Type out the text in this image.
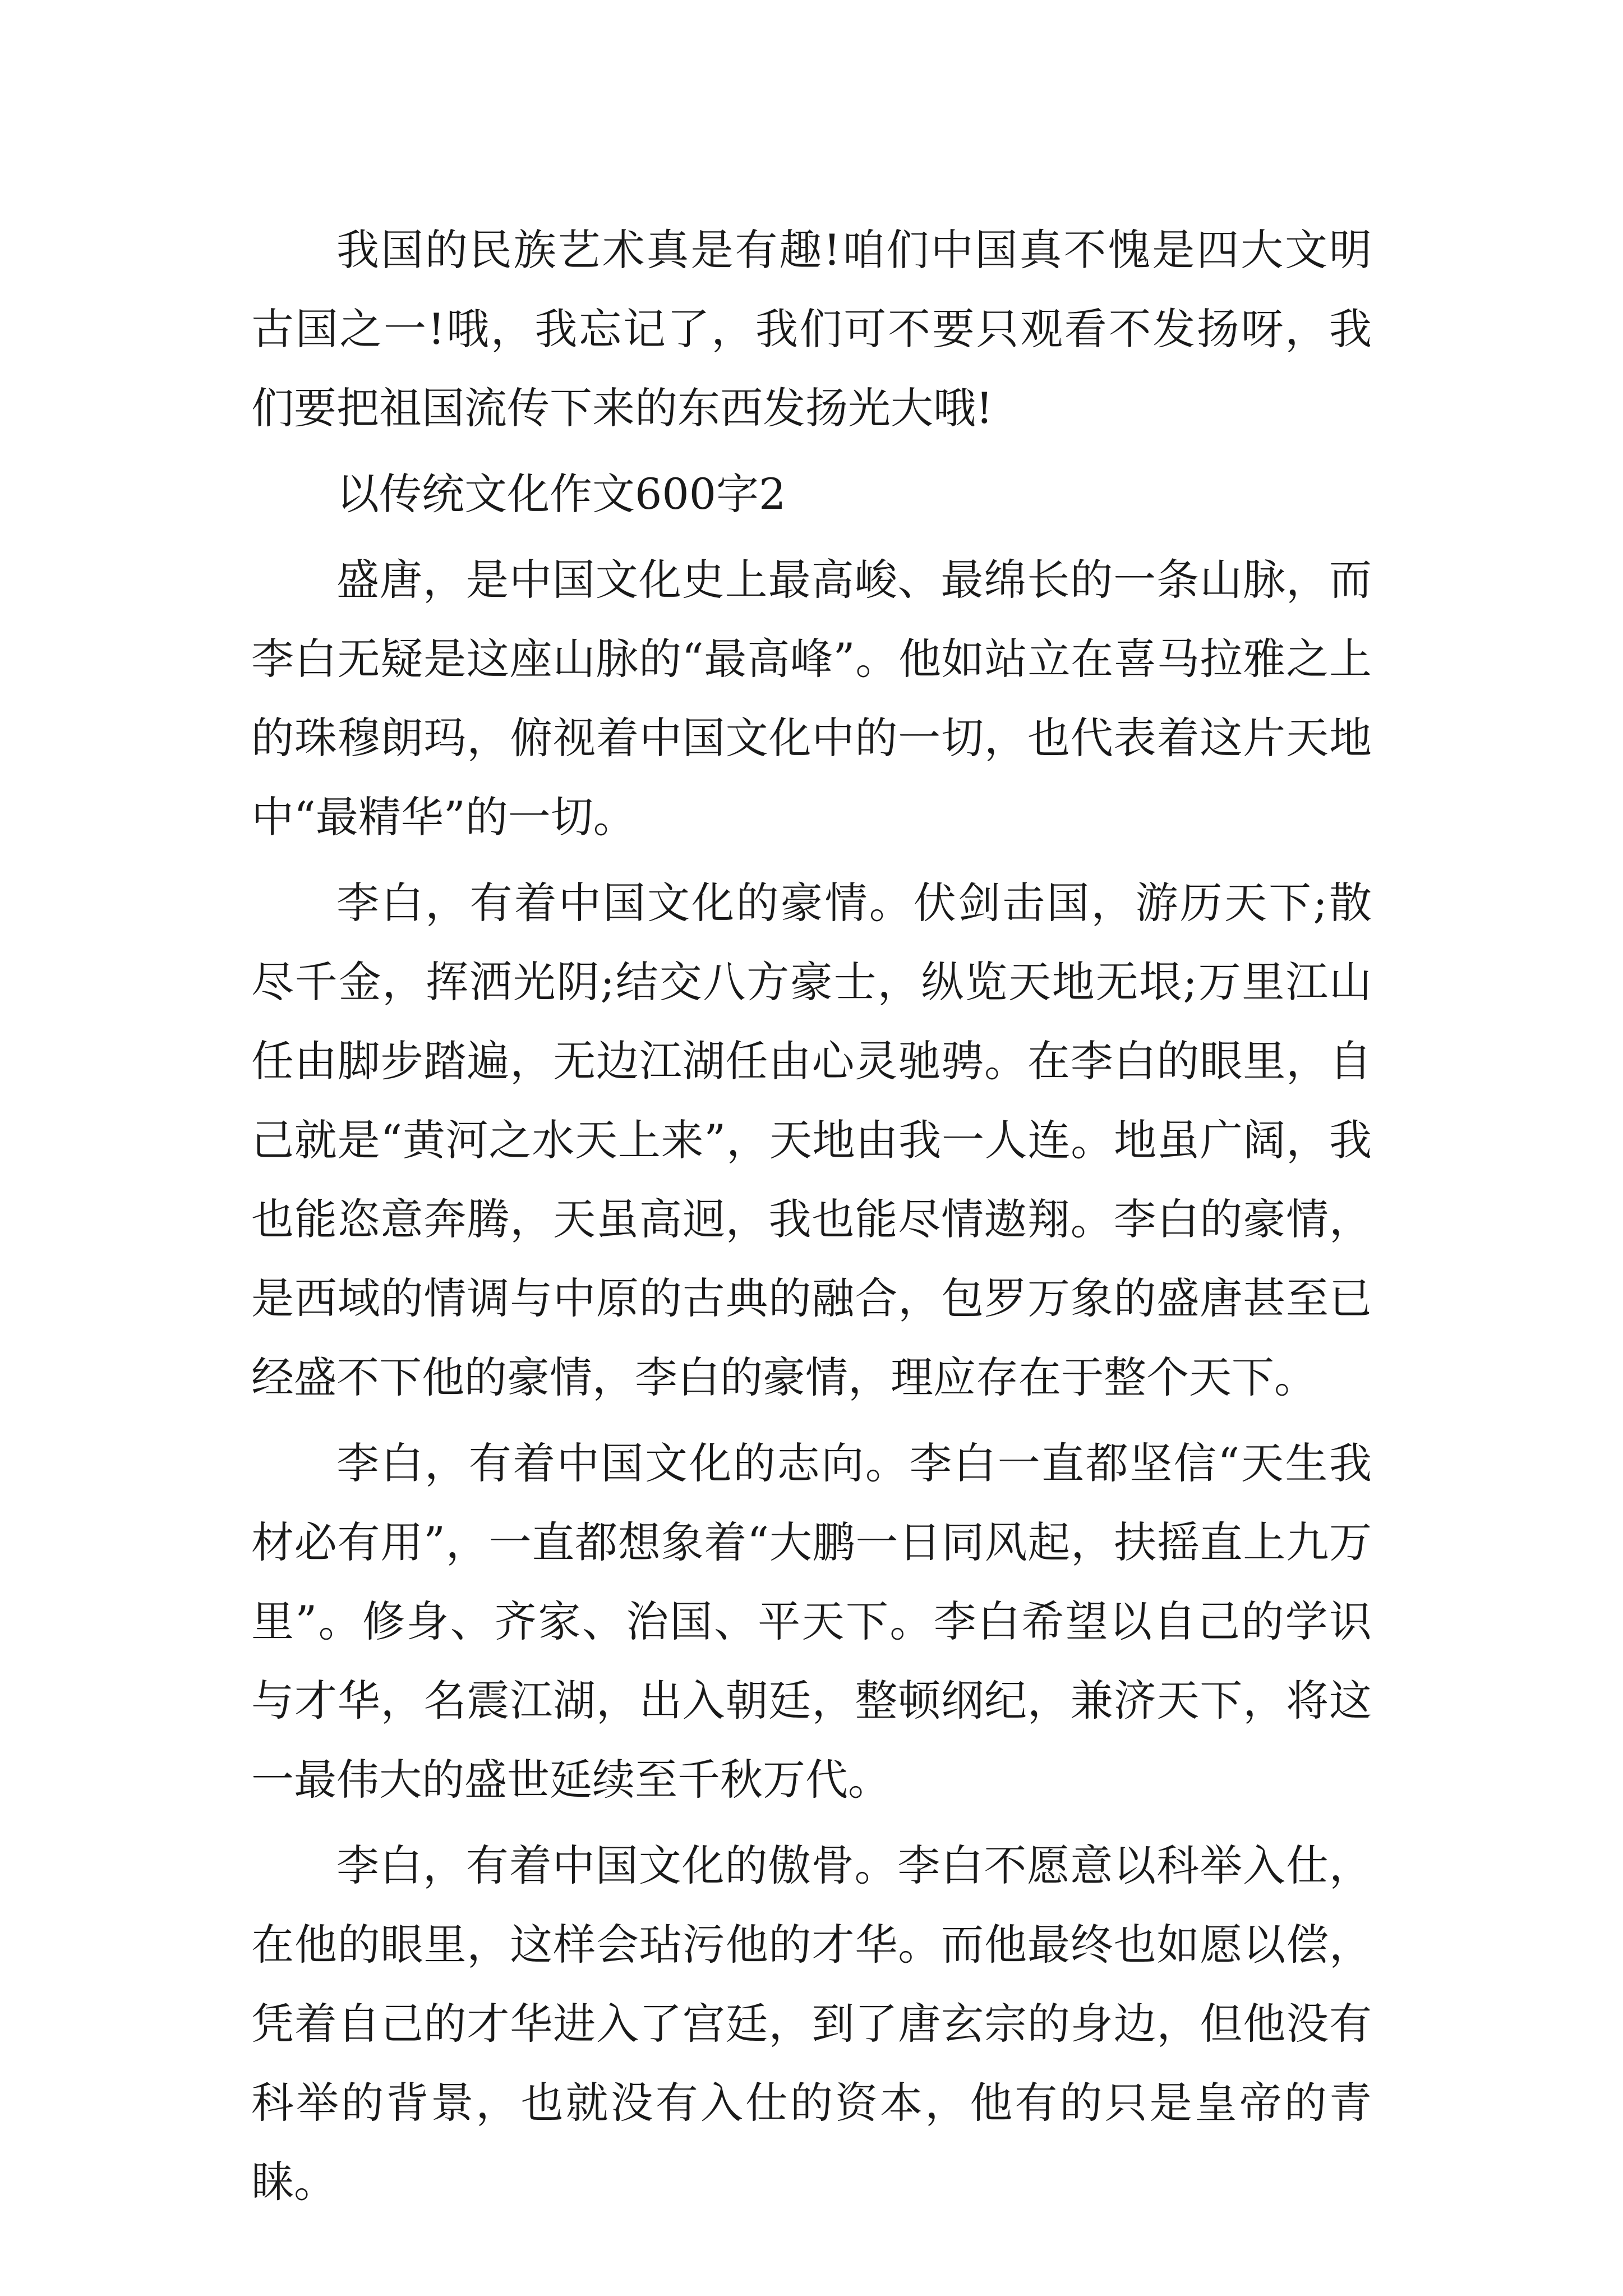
我国的民族艺术真是有趣!咱们中国真不愧是四大文明古国之一!哦，我忘记了，我们可不要只观看不发扬呀，我们要把祖国流传下来的东西发扬光大哦!

以传统文化作文600字2

盛唐，是中国文化史上最高峻、最绵长的一条山脉，而李白无疑是这座山脉的“最高峰”。他如站立在喜马拉雅之上的珠穆朗玛，俯视着中国文化中的一切，也代表着这片天地中“最精华”的一切。

李白，有着中国文化的豪情。伏剑击国，游历天下;散尽千金，挥洒光阴;结交八方豪士，纵览天地无垠;万里江山任由脚步踏遍，无边江湖任由心灵驰骋。在李白的眼里，自己就是“黄河之水天上来”，天地由我一人连。地虽广阔，我也能恣意奔腾，天虽高迥，我也能尽情遨翔。李白的豪情，是西域的情调与中原的古典的融合，包罗万象的盛唐甚至已经盛不下他的豪情，李白的豪情，理应存在于整个天下。

李白，有着中国文化的志向。李白一直都坚信“天生我材必有用”，一直都想象着“大鹏一日同风起，扶摇直上九万里”。修身、齐家、治国、平天下。李白希望以自己的学识与才华，名震江湖，出入朝廷，整顿纲纪，兼济天下，将这一最伟大的盛世延续至千秋万代。

李白，有着中国文化的傲骨。李白不愿意以科举入仕，在他的眼里，这样会玷污他的才华。而他最终也如愿以偿，凭着自己的才华进入了宫廷，到了唐玄宗的身边，但他没有科举的背景，也就没有入仕的资本，他有的只是皇帝的青睐。
